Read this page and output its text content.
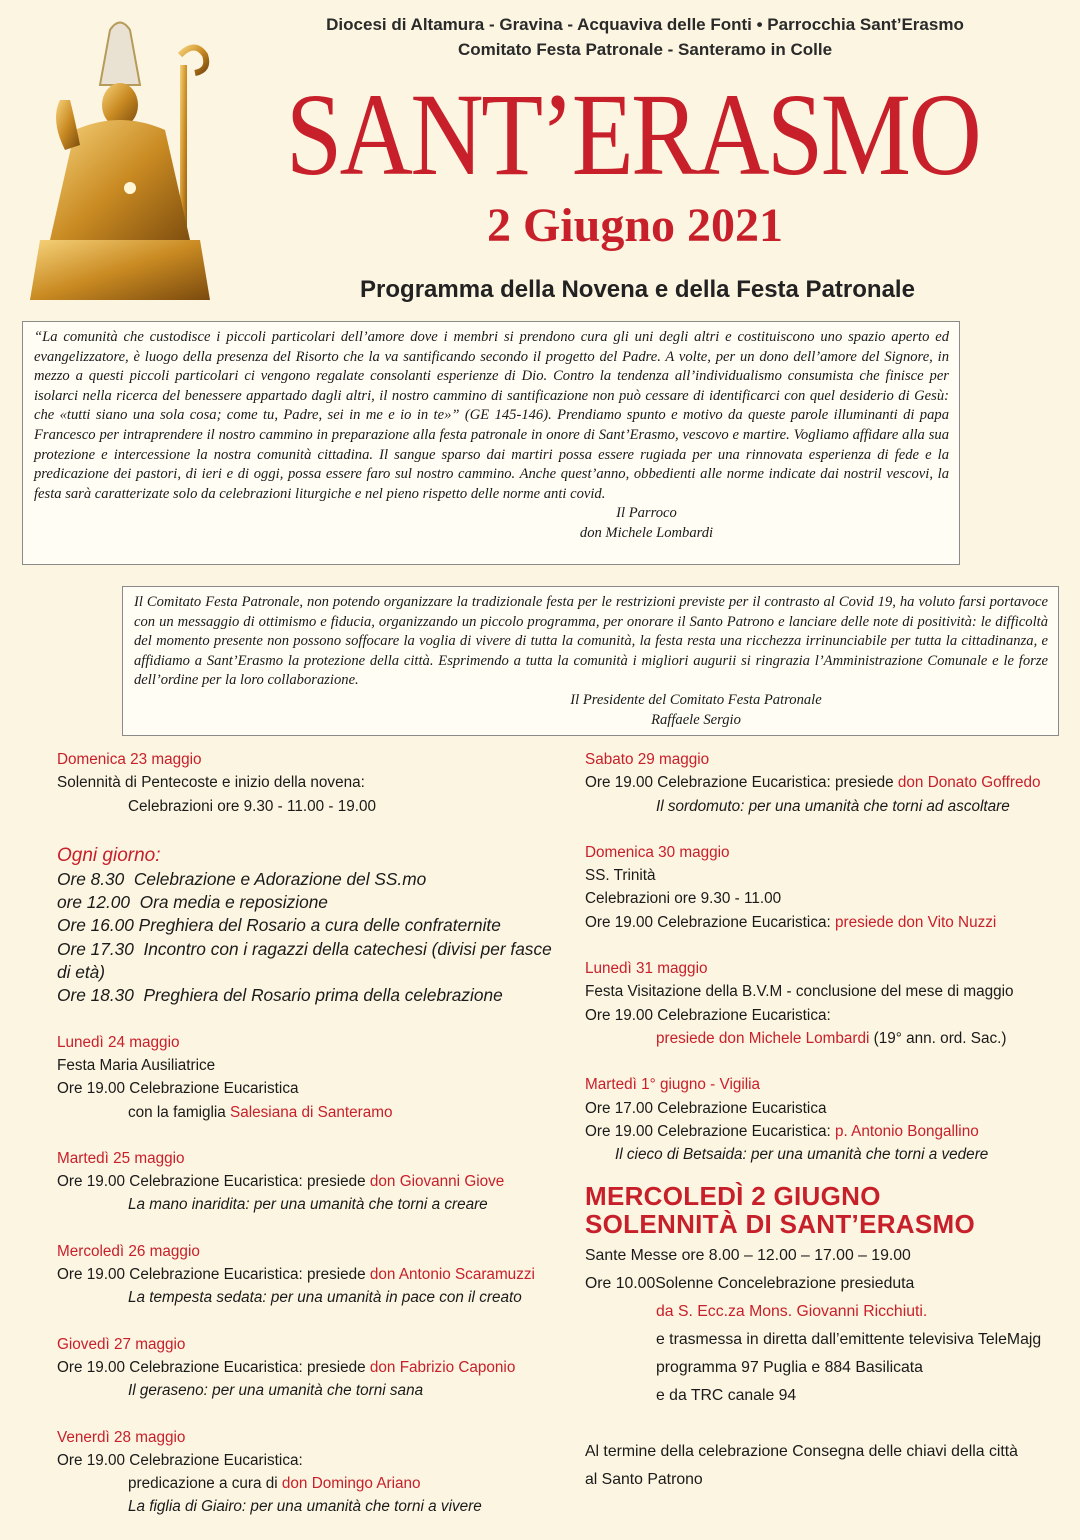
Diocesi di Altamura - Gravina - Acquaviva delle Fonti • Parrocchia Sant’Erasmo
Comitato Festa Patronale - Santeramo in Colle
SANT’ERASMO
2 Giugno 2021
Programma della Novena e della Festa Patronale
“La comunità che custodisce i piccoli particolari dell’amore dove i membri si prendono cura gli uni degli altri e costituiscono uno spazio aperto ed evangelizzatore, è luogo della presenza del Risorto che la va santificando secondo il progetto del Padre. A volte, per un dono dell’amore del Signore, in mezzo a questi piccoli particolari ci vengono regalate consolanti esperienze di Dio. Contro la tendenza all’individualismo consumista che finisce per isolarci nella ricerca del benessere appartado dagli altri, il nostro cammino di santificazione non può cessare di identificarci con quel desiderio di Gesù: che «tutti siano una sola cosa; come tu, Padre, sei in me e io in te»” (GE 145-146). Prendiamo spunto e motivo da queste parole illuminanti di papa Francesco per intraprendere il nostro cammino in preparazione alla festa patronale in onore di Sant’Erasmo, vescovo e martire. Vogliamo affidare alla sua protezione e intercessione la nostra comunità cittadina. Il sangue sparso dai martiri possa essere rugiada per una rinnovata esperienza di fede e la predicazione dei pastori, di ieri e di oggi, possa essere faro sul nostro cammino. Anche quest’anno, obbedienti alle norme indicate dai nostril vescovi, la festa sarà caratterizate solo da celebrazioni liturgiche e nel pieno rispetto delle norme anti covid.
Il Parroco
don Michele Lombardi
Il Comitato Festa Patronale, non potendo organizzare la tradizionale festa per le restrizioni previste per il contrasto al Covid 19, ha voluto farsi portavoce con un messaggio di ottimismo e fiducia, organizzando un piccolo programma, per onorare il Santo Patrono e lanciare delle note di positività: le difficoltà del momento presente non possono soffocare la voglia di vivere di tutta la comunità, la festa resta una ricchezza irrinunciabile per tutta la cittadinanza, e affidiamo a Sant’Erasmo la protezione della città. Esprimendo a tutta la comunità i migliori augurii si ringrazia l’Amministrazione Comunale e le forze dell’ordine per la loro collaborazione.
Il Presidente del Comitato Festa Patronale
Raffaele Sergio
Domenica 23 maggio
Solennità di Pentecoste e inizio della novena:
Celebrazioni ore 9.30 - 11.00 - 19.00
Ogni giorno:
Ore 8.30 Celebrazione e Adorazione del SS.mo
ore 12.00 Ora media e reposizione
Ore 16.00 Preghiera del Rosario a cura delle confraternite
Ore 17.30 Incontro con i ragazzi della catechesi (divisi per fasce di età)
Ore 18.30 Preghiera del Rosario prima della celebrazione
Lunedì 24 maggio
Festa Maria Ausiliatrice
Ore 19.00 Celebrazione Eucaristica
con la famiglia Salesiana di Santeramo
Martedì 25 maggio
Ore 19.00 Celebrazione Eucaristica: presiede don Giovanni Giove
La mano inaridita: per una umanità che torni a creare
Mercoledì 26 maggio
Ore 19.00 Celebrazione Eucaristica: presiede don Antonio Scaramuzzi
La tempesta sedata: per una umanità in pace con il creato
Giovedì 27 maggio
Ore 19.00 Celebrazione Eucaristica: presiede don Fabrizio Caponio
Il geraseno: per una umanità che torni sana
Venerdì 28 maggio
Ore 19.00 Celebrazione Eucaristica:
predicazione a cura di don Domingo Ariano
La figlia di Giairo: per una umanità che torni a vivere
Sabato 29 maggio
Ore 19.00 Celebrazione Eucaristica: presiede don Donato Goffredo
Il sordomuto: per una umanità che torni ad ascoltare
Domenica 30 maggio
SS. Trinità
Celebrazioni ore 9.30 - 11.00
Ore 19.00 Celebrazione Eucaristica: presiede don Vito Nuzzi
Lunedì 31 maggio
Festa Visitazione della B.V.M - conclusione del mese di maggio
Ore 19.00 Celebrazione Eucaristica:
presiede don Michele Lombardi (19° ann. ord. Sac.)
Martedì 1° giugno - Vigilia
Ore 17.00 Celebrazione Eucaristica
Ore 19.00 Celebrazione Eucaristica: p. Antonio Bongallino
Il cieco di Betsaida: per una umanità che torni a vedere
MERCOLEDÌ 2 GIUGNO
SOLENNITÀ DI SANT’ERASMO
Sante Messe ore 8.00 – 12.00 – 17.00 – 19.00
Ore 10.00Solenne Concelebrazione presieduta
da S. Ecc.za Mons. Giovanni Ricchiuti.
e trasmessa in diretta dall’emittente televisiva TeleMajg
programma 97 Puglia e 884 Basilicata
e da TRC canale 94
Al termine della celebrazione Consegna delle chiavi della città
al Santo Patrono
